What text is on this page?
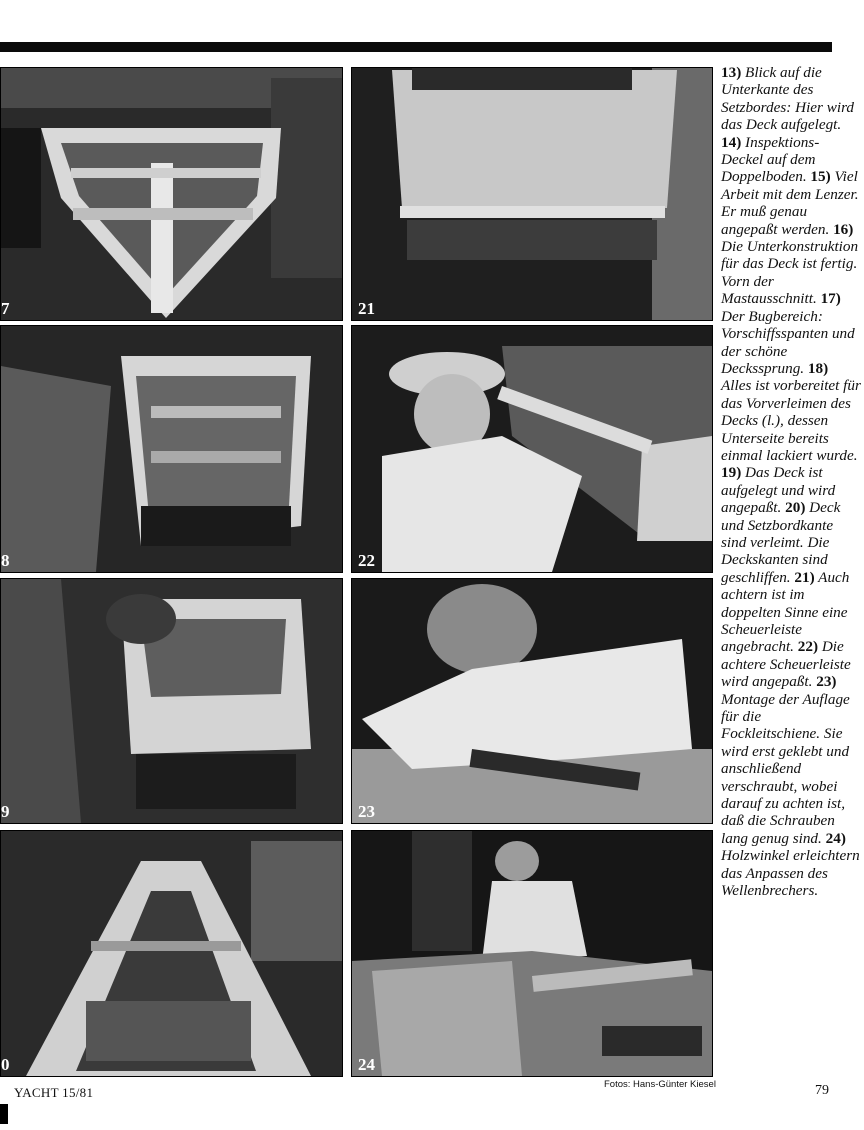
7	21
8	22
9	23
0	24

13) Blick auf die Unterkante des Setzbordes: Hier wird das Deck aufgelegt. 14) Inspektions-Deckel auf dem Doppelboden. 15) Viel Arbeit mit dem Lenzer. Er muß genau angepaßt werden. 16) Die Unterkonstruktion für das Deck ist fertig. Vorn der Mastausschnitt. 17) Der Bugbereich: Vorschiffsspanten und der schöne Deckssprung. 18) Alles ist vorbereitet für das Vorverleimen des Decks (l.), dessen Unterseite bereits einmal lackiert wurde. 19) Das Deck ist aufgelegt und wird angepaßt. 20) Deck und Setzbordkante sind verleimt. Die Deckskanten sind geschliffen. 21) Auch achtern ist im doppelten Sinne eine Scheuerleiste angebracht. 22) Die achtere Scheuerleiste wird angepaßt. 23) Montage der Auflage für die Fockleitschiene. Sie wird erst geklebt und anschließend verschraubt, wobei darauf zu achten ist, daß die Schrauben lang genug sind. 24) Holzwinkel erleichtern das Anpassen des Wellenbrechers.

YACHT 15/81
Fotos: Hans-Günter Kiesel	79
